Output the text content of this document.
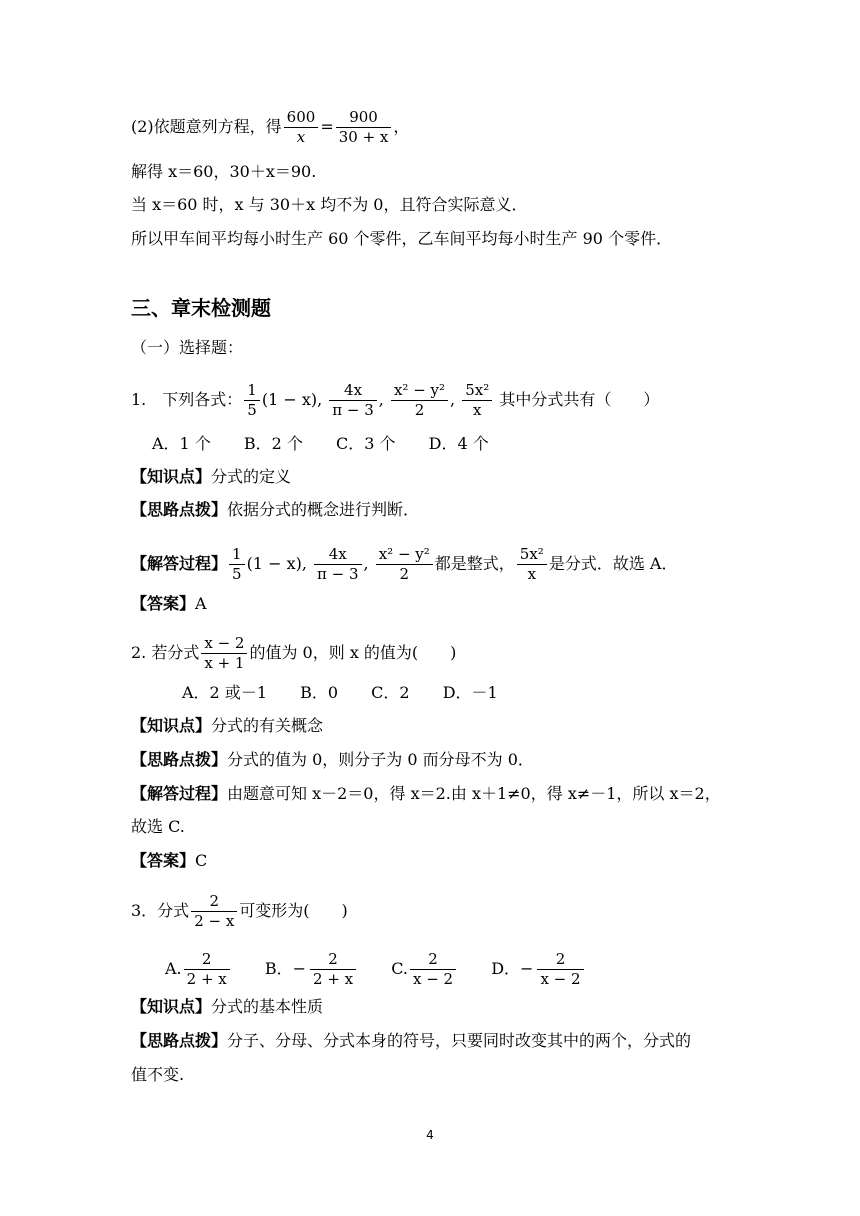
(2)依题意列方程，得 $\frac{600}{x} = \frac{900}{30 + x}$ ，
解得 x＝60，30＋x＝90.
当 x＝60 时，x 与 30＋x 均不为 0，且符合实际意义．
所以甲车间平均每小时生产 60 个零件，乙车间平均每小时生产 90 个零件．
三、章末检测题
（一）选择题：
1.　下列各式： $\frac{1}{5} (1 - x)$, $\frac{4x}{\pi - 3}$ , $\frac{\text{x² − y²}}{2}$ , $\frac{\text{5x²}}{x}$ 其中分式共有（　　）
A．1 个 B．2 个 C．3 个 D．4 个
【知识点】分式的定义
【思路点拨】依据分式的概念进行判断．
【解答过程】 $\frac{1}{5} (1 - x)$, $\frac{4x}{\pi - 3}$ , $\frac{\text{x² − y²}}{2}$ 都是整式， $\frac{\text{5x²}}{x}$ 是分式．故选 A．
【答案】A
2. 若分式 $\frac{x - 2}{x + 1}$ 的值为 0，则 x 的值为(　　)
A．2 或－1 B．0 C．2 D．－1
【知识点】分式的有关概念
【思路点拨】分式的值为 0，则分子为 0 而分母不为 0．
【解答过程】由题意可知 x－2＝0，得 x＝2.由 x＋1≠0，得 x≠－1，所以 x＝2，
故选 C.
【答案】C
3．分式 $\frac{2}{2 - x}$ 可变形为(　　)
A. $\frac{2}{2 + x}$ B．− $\frac{2}{2 + x} C$. $\frac{2}{x - 2}$ D．− $\frac{2}{x - 2}$
【知识点】分式的基本性质
【思路点拨】分子、分母、分式本身的符号，只要同时改变其中的两个，分式的
值不变.
4
